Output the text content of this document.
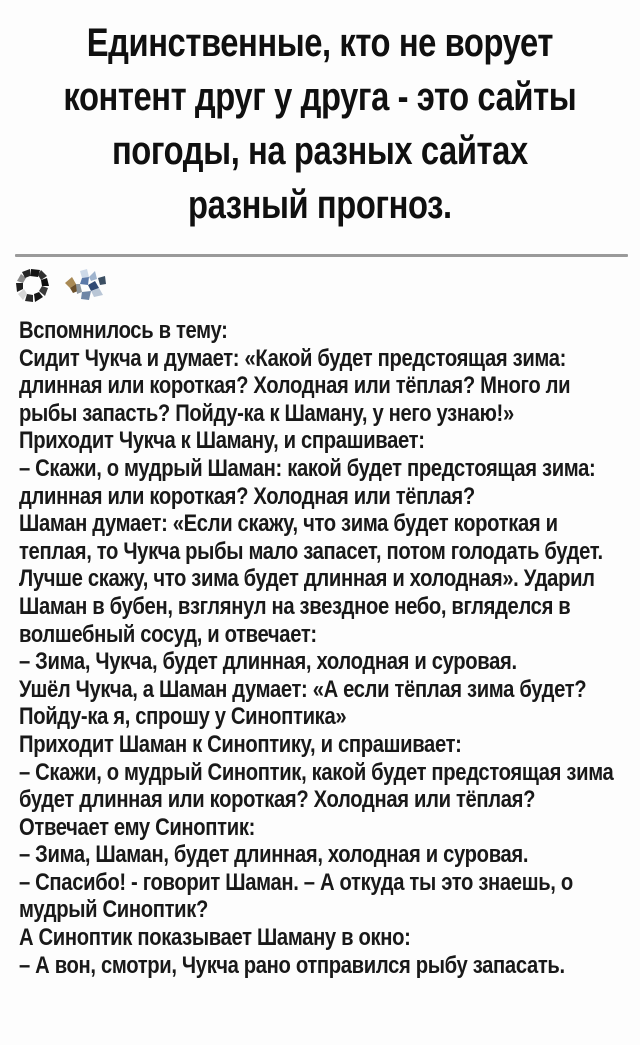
Единственные, кто не ворует
контент друг у друга - это сайты
погоды, на разных сайтах
разный прогноз.

Вспомнилось в тему:

Сидит Чукча и думает: «Какой будет предстоящая зима: длинная или короткая? Холодная или тёплая? Много ли рыбы запасть? Пойду-ка к Шаману, у него узнаю!»

Приходит Чукча к Шаману, и спрашивает:

– Скажи, о мудрый Шаман: какой будет предстоящая зима: длинная или короткая? Холодная или тёплая?

Шаман думает: «Если скажу, что зима будет короткая и теплая, то Чукча рыбы мало запасет, потом голодать будет. Лучше скажу, что зима будет длинная и холодная». Ударил Шаман в бубен, взглянул на звездное небо, вгляделся в волшебный сосуд, и отвечает:

– Зима, Чукча, будет длинная, холодная и суровая.

Ушёл Чукча, а Шаман думает: «А если тёплая зима будет? Пойду-ка я, спрошу у Синоптика»

Приходит Шаман к Синоптику, и спрашивает:

– Скажи, о мудрый Синоптик, какой будет предстоящая зима будет длинная или короткая? Холодная или тёплая?

Отвечает ему Синоптик:

– Зима, Шаман, будет длинная, холодная и суровая.

– Спасибо! - говорит Шаман. – А откуда ты это знаешь, о мудрый Синоптик?

А Синоптик показывает Шаману в окно:

– А вон, смотри, Чукча рано отправился рыбу запасать.
